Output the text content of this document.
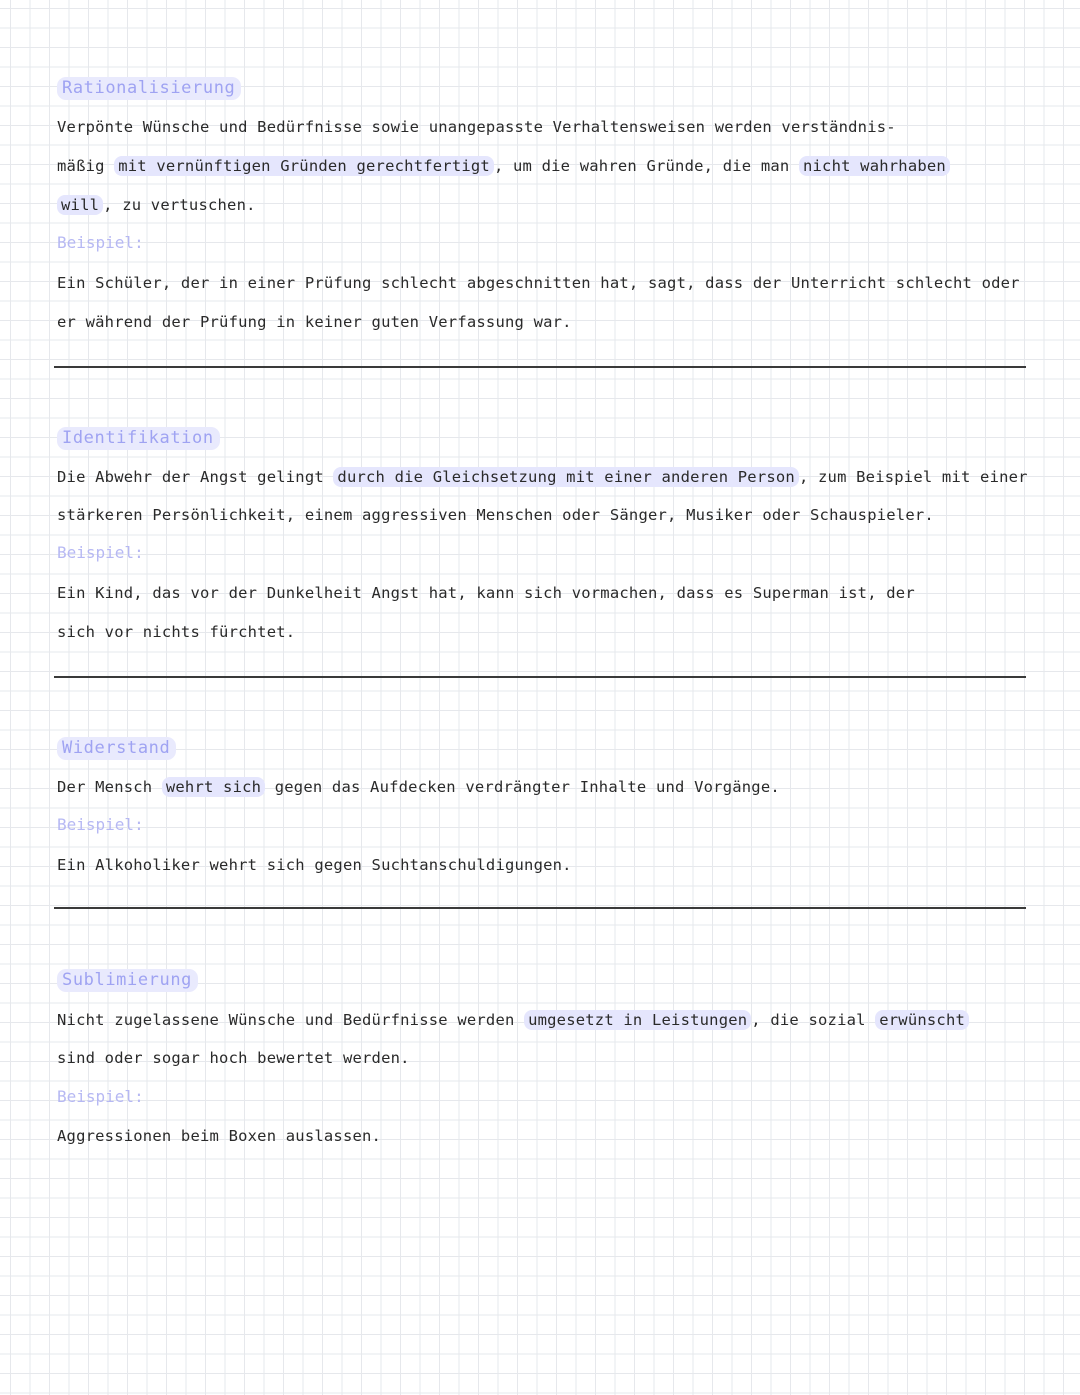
Rationalisierung
Verpönte Wünsche und Bedürfnisse sowie unangepasste Verhaltensweisen werden verständnis-
mäßig mit vernünftigen Gründen gerechtfertigt , um die wahren Gründe, die man nicht wahrhaben
will , zu vertuschen.
Beispiel:
Ein Schüler, der in einer Prüfung schlecht abgeschnitten hat, sagt, dass der Unterricht schlecht oder
er während der Prüfung in keiner guten Verfassung war.
Identifikation
Die Abwehr der Angst gelingt durch die Gleichsetzung mit einer anderen Person , zum Beispiel mit einer
stärkeren Persönlichkeit, einem aggressiven Menschen oder Sänger, Musiker oder Schauspieler.
Beispiel:
Ein Kind, das vor der Dunkelheit Angst hat, kann sich vormachen, dass es Superman ist, der
sich vor nichts fürchtet.
Widerstand
Der Mensch wehrt sich gegen das Aufdecken verdrängter Inhalte und Vorgänge.
Beispiel:
Ein Alkoholiker wehrt sich gegen Suchtanschuldigungen.
Sublimierung
Nicht zugelassene Wünsche und Bedürfnisse werden umgesetzt in Leistungen , die sozial erwünscht
sind oder sogar hoch bewertet werden.
Beispiel:
Aggressionen beim Boxen auslassen.
